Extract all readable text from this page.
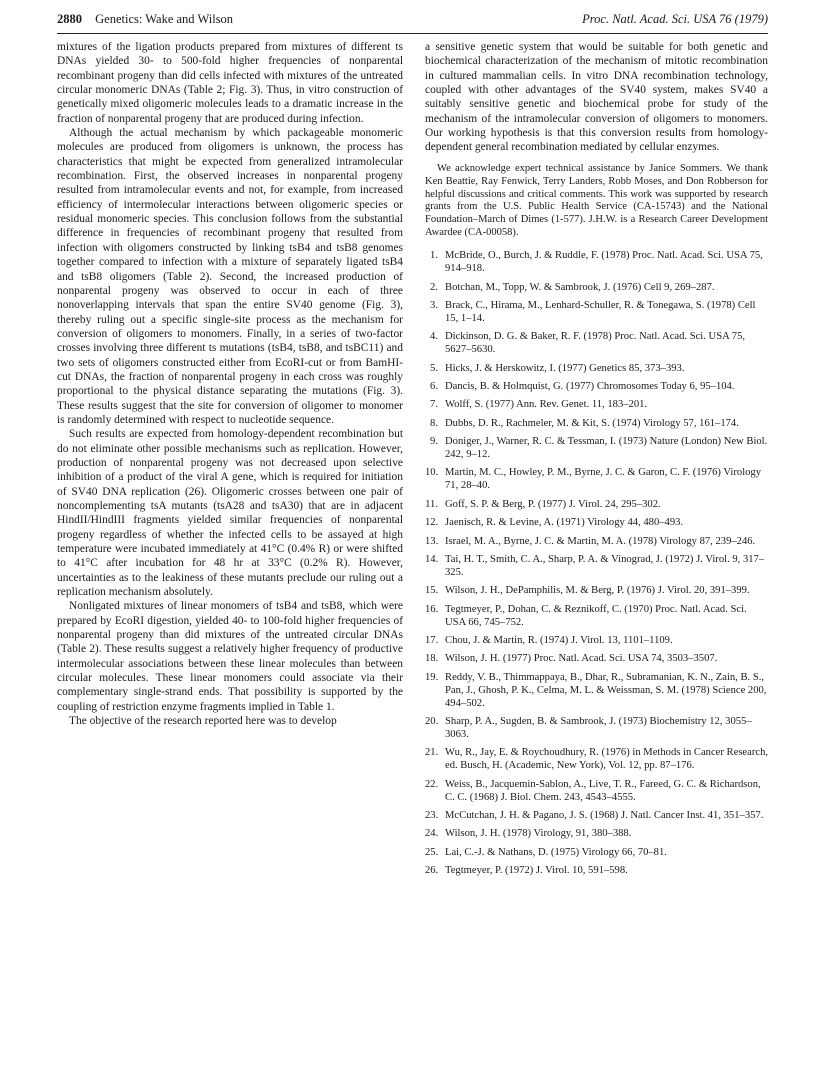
2880 Genetics: Wake and Wilson	Proc. Natl. Acad. Sci. USA 76 (1979)

mixtures of the ligation products prepared from mixtures of different ts DNAs yielded 30- to 500-fold higher frequencies of nonparental recombinant progeny than did cells infected with mixtures of the untreated circular monomeric DNAs (Table 2; Fig. 3). Thus, in vitro construction of genetically mixed oligomeric molecules leads to a dramatic increase in the fraction of nonparental progeny that are produced during infection.

Although the actual mechanism by which packageable monomeric molecules are produced from oligomers is unknown, the process has characteristics that might be expected from generalized intramolecular recombination. First, the observed increases in nonparental progeny resulted from intramolecular events and not, for example, from increased efficiency of intermolecular interactions between oligomeric species or residual monomeric species. This conclusion follows from the substantial difference in frequencies of recombinant progeny that resulted from infection with oligomers constructed by linking tsB4 and tsB8 genomes together compared to infection with a mixture of separately ligated tsB4 and tsB8 oligomers (Table 2). Second, the increased production of nonparental progeny was observed to occur in each of three nonoverlapping intervals that span the entire SV40 genome (Fig. 3), thereby ruling out a specific single-site process as the mechanism for conversion of oligomers to monomers. Finally, in a series of two-factor crosses involving three different ts mutations (tsB4, tsB8, and tsBC11) and two sets of oligomers constructed either from EcoRI-cut or from BamHI-cut DNAs, the fraction of nonparental progeny in each cross was roughly proportional to the physical distance separating the mutations (Fig. 3). These results suggest that the site for conversion of oligomer to monomer is randomly determined with respect to nucleotide sequence.

Such results are expected from homology-dependent recombination but do not eliminate other possible mechanisms such as replication. However, production of nonparental progeny was not decreased upon selective inhibition of a product of the viral A gene, which is required for initiation of SV40 DNA replication (26). Oligomeric crosses between one pair of noncomplementing tsA mutants (tsA28 and tsA30) that are in adjacent HindII/HindIII fragments yielded similar frequencies of nonparental progeny regardless of whether the infected cells to be assayed at high temperature were incubated immediately at 41°C (0.4% R) or were shifted to 41°C after incubation for 48 hr at 33°C (0.2% R). However, uncertainties as to the leakiness of these mutants preclude our ruling out a replication mechanism absolutely.

Nonligated mixtures of linear monomers of tsB4 and tsB8, which were prepared by EcoRI digestion, yielded 40- to 100-fold higher frequencies of nonparental progeny than did mixtures of the untreated circular DNAs (Table 2). These results suggest a relatively higher frequency of productive intermolecular associations between these linear molecules than between circular molecules. These linear monomers could associate via their complementary single-strand ends. That possibility is supported by the coupling of restriction enzyme fragments implied in Table 1.

The objective of the research reported here was to develop

a sensitive genetic system that would be suitable for both genetic and biochemical characterization of the mechanism of mitotic recombination in cultured mammalian cells. In vitro DNA recombination technology, coupled with other advantages of the SV40 system, makes SV40 a suitably sensitive genetic and biochemical probe for study of the mechanism of the intramolecular conversion of oligomers to monomers. Our working hypothesis is that this conversion results from homology-dependent general recombination mediated by cellular enzymes.

We acknowledge expert technical assistance by Janice Sommers. We thank Ken Beattie, Ray Fenwick, Terry Landers, Robb Moses, and Don Robberson for helpful discussions and critical comments. This work was supported by research grants from the U.S. Public Health Service (CA-15743) and the National Foundation–March of Dimes (1-577). J.H.W. is a Research Career Development Awardee (CA-00058).

1. McBride, O., Burch, J. & Ruddle, F. (1978) Proc. Natl. Acad. Sci. USA 75, 914–918.
2. Botchan, M., Topp, W. & Sambrook, J. (1976) Cell 9, 269–287.
3. Brack, C., Hirama, M., Lenhard-Schuller, R. & Tonegawa, S. (1978) Cell 15, 1–14.
4. Dickinson, D. G. & Baker, R. F. (1978) Proc. Natl. Acad. Sci. USA 75, 5627–5630.
5. Hicks, J. & Herskowitz, I. (1977) Genetics 85, 373–393.
6. Dancis, B. & Holmquist, G. (1977) Chromosomes Today 6, 95–104.
7. Wolff, S. (1977) Ann. Rev. Genet. 11, 183–201.
8. Dubbs, D. R., Rachmeler, M. & Kit, S. (1974) Virology 57, 161–174.
9. Doniger, J., Warner, R. C. & Tessman, I. (1973) Nature (London) New Biol. 242, 9–12.
10. Martin, M. C., Howley, P. M., Byrne, J. C. & Garon, C. F. (1976) Virology 71, 28–40.
11. Goff, S. P. & Berg, P. (1977) J. Virol. 24, 295–302.
12. Jaenisch, R. & Levine, A. (1971) Virology 44, 480–493.
13. Israel, M. A., Byrne, J. C. & Martin, M. A. (1978) Virology 87, 239–246.
14. Tai, H. T., Smith, C. A., Sharp, P. A. & Vinograd, J. (1972) J. Virol. 9, 317–325.
15. Wilson, J. H., DePamphilis, M. & Berg, P. (1976) J. Virol. 20, 391–399.
16. Tegtmeyer, P., Dohan, C. & Reznikoff, C. (1970) Proc. Natl. Acad. Sci. USA 66, 745–752.
17. Chou, J. & Martin, R. (1974) J. Virol. 13, 1101–1109.
18. Wilson, J. H. (1977) Proc. Natl. Acad. Sci. USA 74, 3503–3507.
19. Reddy, V. B., Thimmappaya, B., Dhar, R., Subramanian, K. N., Zain, B. S., Pan, J., Ghosh, P. K., Celma, M. L. & Weissman, S. M. (1978) Science 200, 494–502.
20. Sharp, P. A., Sugden, B. & Sambrook, J. (1973) Biochemistry 12, 3055–3063.
21. Wu, R., Jay, E. & Roychoudhury, R. (1976) in Methods in Cancer Research, ed. Busch, H. (Academic, New York), Vol. 12, pp. 87–176.
22. Weiss, B., Jacquemin-Sablon, A., Live, T. R., Fareed, G. C. & Richardson, C. C. (1968) J. Biol. Chem. 243, 4543–4555.
23. McCutchan, J. H. & Pagano, J. S. (1968) J. Natl. Cancer Inst. 41, 351–357.
24. Wilson, J. H. (1978) Virology, 91, 380–388.
25. Lai, C.-J. & Nathans, D. (1975) Virology 66, 70–81.
26. Tegtmeyer, P. (1972) J. Virol. 10, 591–598.
